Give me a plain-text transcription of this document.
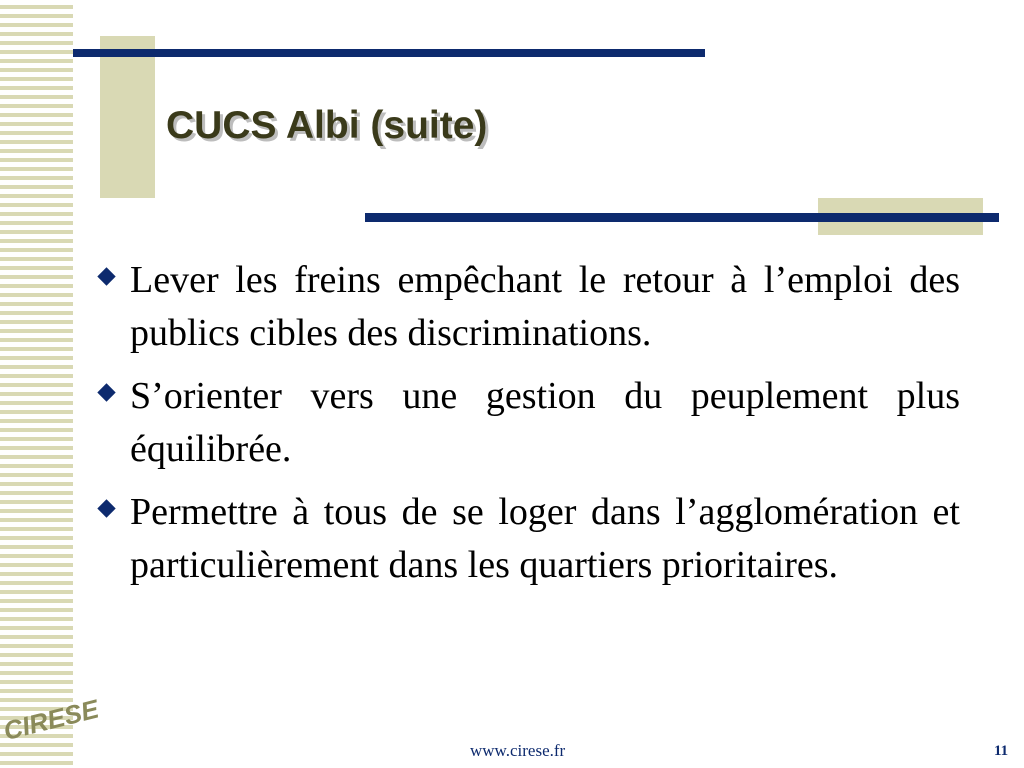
CUCS Albi (suite)
Lever les freins empêchant le retour à l’emploi des publics cibles des discriminations.
S’orienter vers une gestion du peuplement plus équilibrée.
Permettre à tous de se loger dans l’agglomération et particulièrement dans les quartiers prioritaires.
CIRESE
www.cirese.fr	11
